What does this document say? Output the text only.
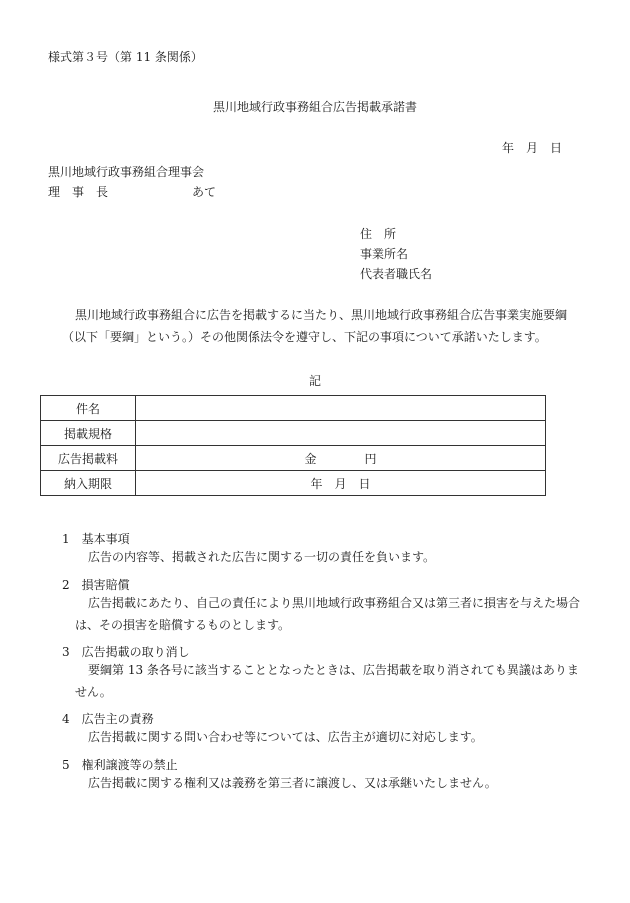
様式第３号（第 11 条関係）
黒川地域行政事務組合広告掲載承諾書
年　月　日
黒川地域行政事務組合理事会
理　事　長	あて
住　所
事業所名
代表者職氏名
黒川地域行政事務組合に広告を掲載するに当たり、黒川地域行政事務組合広告事業実施要綱（以下「要綱」という。）その他関係法令を遵守し、下記の事項について承諾いたします。
記
件名	
掲載規格	
広告掲載料	金　　　　円
納入期限	年　月　日
1　 基本事項
広告の内容等、掲載された広告に関する一切の責任を負います。
2　 損害賠償
広告掲載にあたり、自己の責任により黒川地域行政事務組合又は第三者に損害を与えた場合は、その損害を賠償するものとします。
3　 広告掲載の取り消し
要綱第 13 条各号に該当することとなったときは、広告掲載を取り消されても異議はありません。
4　 広告主の責務
広告掲載に関する問い合わせ等については、広告主が適切に対応します。
5　 権利譲渡等の禁止
広告掲載に関する権利又は義務を第三者に譲渡し、又は承継いたしません。
